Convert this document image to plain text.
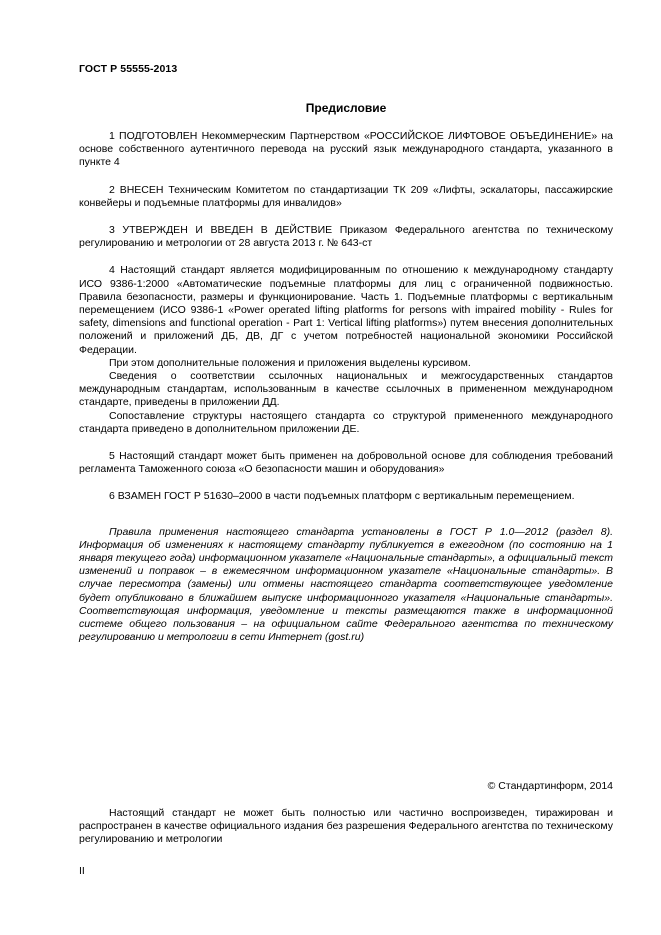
ГОСТ Р 55555-2013
Предисловие

1 ПОДГОТОВЛЕН Некоммерческим Партнерством «РОССИЙСКОЕ ЛИФТОВОЕ ОБЪЕДИНЕНИЕ» на основе собственного аутентичного перевода на русский язык международного стандарта, указанного в пункте 4

2 ВНЕСЕН Техническим Комитетом по стандартизации ТК 209 «Лифты, эскалаторы, пассажирские конвейеры и подъемные платформы для инвалидов»

3 УТВЕРЖДЕН И ВВЕДЕН В ДЕЙСТВИЕ Приказом Федерального агентства по техническому регулированию и метрологии от 28 августа 2013 г. № 643-ст

4 Настоящий стандарт является модифицированным по отношению к международному стандарту ИСО 9386-1:2000 «Автоматические подъемные платформы для лиц с ограниченной подвижностью. Правила безопасности, размеры и функционирование. Часть 1. Подъемные платформы с вертикальным перемещением (ИСО 9386-1 «Power operated lifting platforms for persons with impaired mobility - Rules for safety, dimensions and functional operation - Part 1: Vertical lifting platforms») путем внесения дополнительных положений и приложений ДБ, ДВ, ДГ с учетом потребностей национальной экономики Российской Федерации.

При этом дополнительные положения и приложения выделены курсивом.

Сведения о соответствии ссылочных национальных и межгосударственных стандартов международным стандартам, использованным в качестве ссылочных в примененном международном стандарте, приведены в приложении ДД.

Сопоставление структуры настоящего стандарта со структурой примененного международного стандарта приведено в дополнительном приложении ДЕ.

5 Настоящий стандарт может быть применен на добровольной основе для соблюдения требований регламента Таможенного союза «О безопасности машин и оборудования»

6 ВЗАМЕН ГОСТ Р 51630–2000 в части подъемных платформ с вертикальным перемещением.

Правила применения настоящего стандарта установлены в ГОСТ Р 1.0—2012 (раздел 8). Информация об изменениях к настоящему стандарту публикуется в ежегодном (по состоянию на 1 января текущего года) информационном указателе «Национальные стандарты», а официальный текст изменений и поправок – в ежемесячном информационном указателе «Национальные стандарты». В случае пересмотра (замены) или отмены настоящего стандарта соответствующее уведомление будет опубликовано в ближайшем выпуске информационного указателя «Национальные стандарты». Соответствующая информация, уведомление и тексты размещаются также в информационной системе общего пользования – на официальном сайте Федерального агентства по техническому регулированию и метрологии в сети Интернет (gost.ru)

© Стандартинформ, 2014

Настоящий стандарт не может быть полностью или частично воспроизведен, тиражирован и распространен в качестве официального издания без разрешения Федерального агентства по техническому регулированию и метрологии

II
